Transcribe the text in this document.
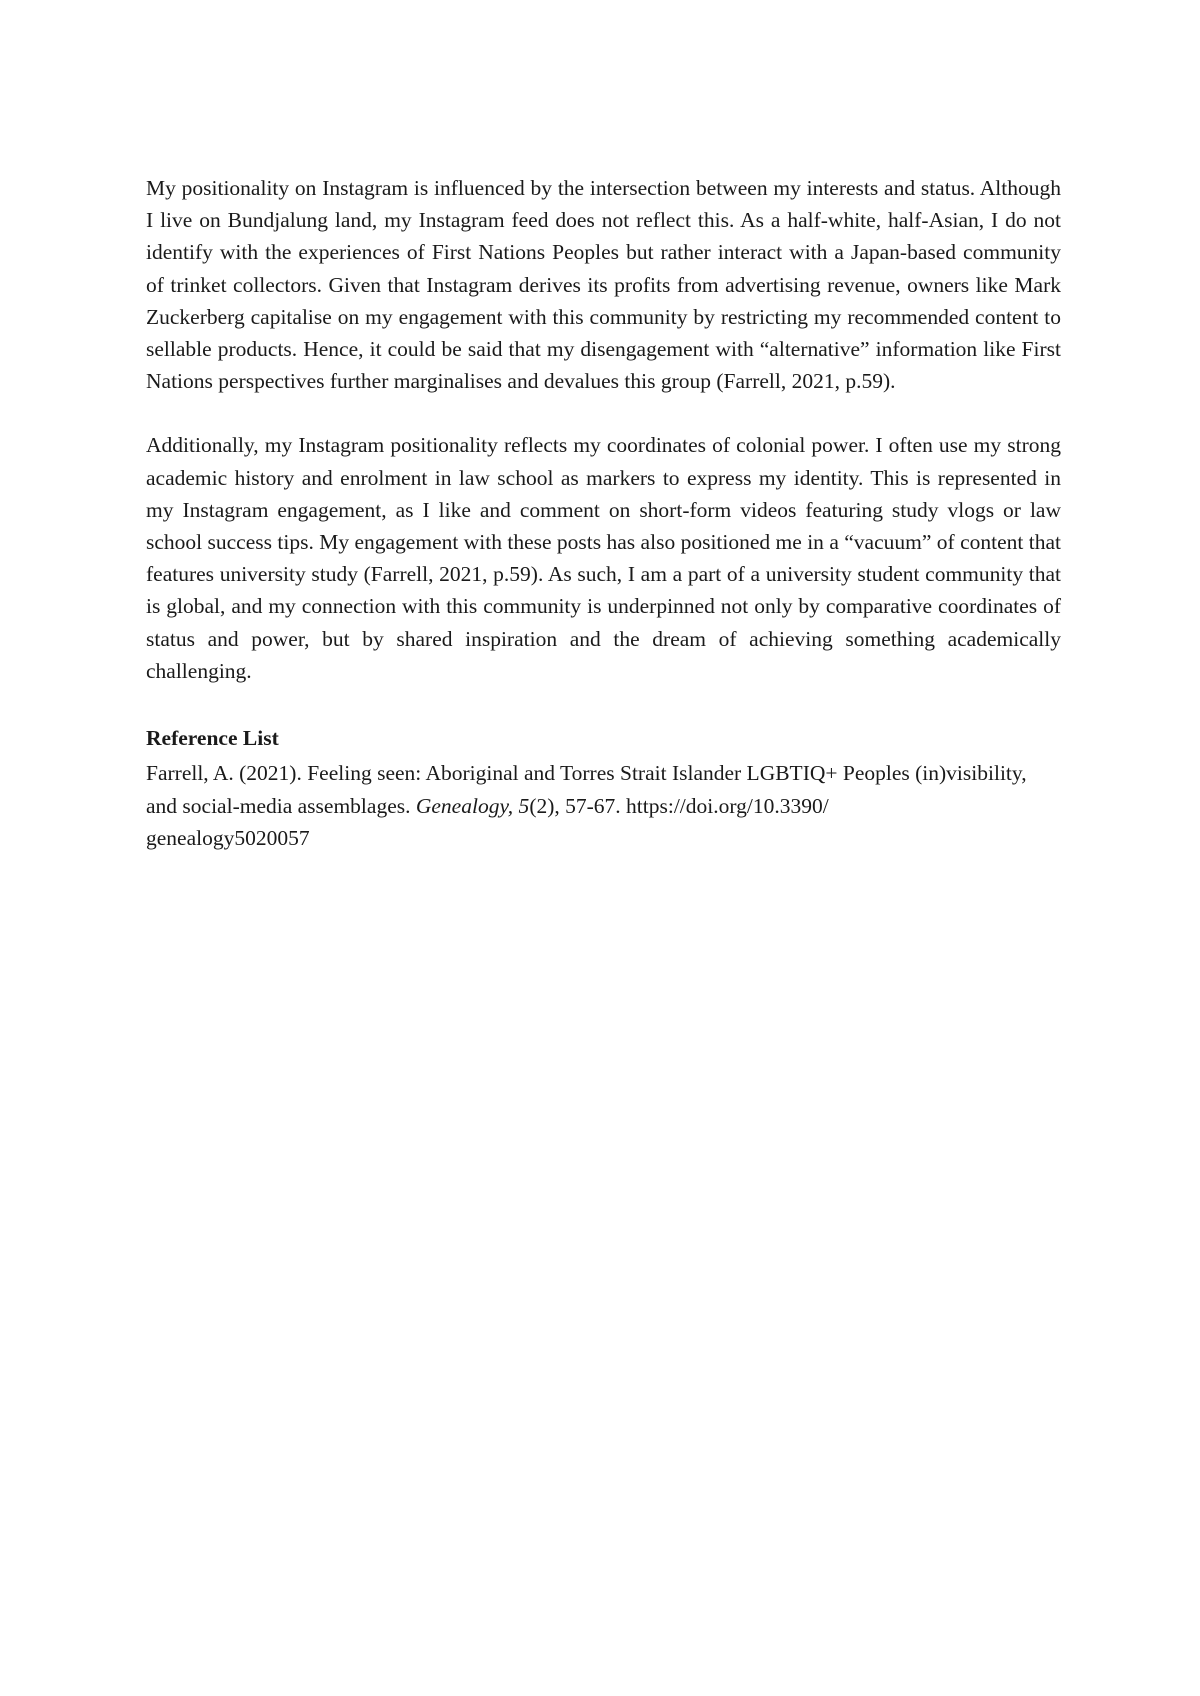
My positionality on Instagram is influenced by the intersection between my interests and status. Although I live on Bundjalung land, my Instagram feed does not reflect this. As a half-white, half-Asian, I do not identify with the experiences of First Nations Peoples but rather interact with a Japan-based community of trinket collectors. Given that Instagram derives its profits from advertising revenue, owners like Mark Zuckerberg capitalise on my engagement with this community by restricting my recommended content to sellable products. Hence, it could be said that my disengagement with “alternative” information like First Nations perspectives further marginalises and devalues this group (Farrell, 2021, p.59).

Additionally, my Instagram positionality reflects my coordinates of colonial power. I often use my strong academic history and enrolment in law school as markers to express my identity. This is represented in my Instagram engagement, as I like and comment on short-form videos featuring study vlogs or law school success tips. My engagement with these posts has also positioned me in a “vacuum” of content that features university study (Farrell, 2021, p.59). As such, I am a part of a university student community that is global, and my connection with this community is underpinned not only by comparative coordinates of status and power, but by shared inspiration and the dream of achieving something academically challenging.

Reference List

Farrell, A. (2021). Feeling seen: Aboriginal and Torres Strait Islander LGBTIQ+ Peoples (in)visibility, and social-media assemblages. Genealogy, 5(2), 57-67. https://doi.org/10.3390/
genealogy5020057
